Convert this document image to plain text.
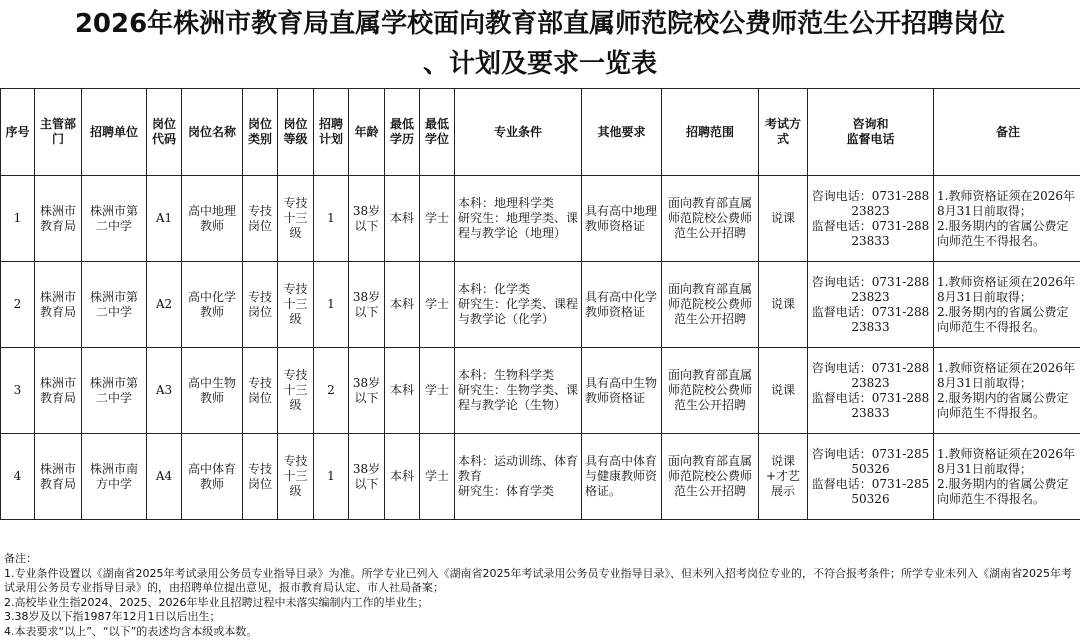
2026年株洲市教育局直属学校面向教育部直属师范院校公费师范生公开招聘岗位
、计划及要求一览表
序号	主管部门	招聘单位	岗位代码	岗位名称	岗位类别	岗位等级	招聘计划	年龄	最低学历	最低学位	专业条件	其他要求	招聘范围	考试方式	咨询和
监督电话	备注
1	株洲市教育局	株洲市第二中学	A1	高中地理教师	专技岗位	专技十三级	1	38岁以下	本科	学士	本科：地理科学类
研究生：地理学类、课程与教学论（地理）	具有高中地理教师资格证	面向教育部直属师范院校公费师范生公开招聘	说课	咨询电话：0731-28823823
监督电话：0731-28823833	1.教师资格证须在2026年8月31日前取得；
2.服务期内的省属公费定向师范生不得报名。
2	株洲市教育局	株洲市第二中学	A2	高中化学教师	专技岗位	专技十三级	1	38岁以下	本科	学士	本科：化学类
研究生：化学类、课程与教学论（化学）	具有高中化学教师资格证	面向教育部直属师范院校公费师范生公开招聘	说课	咨询电话：0731-28823823
监督电话：0731-28823833	1.教师资格证须在2026年8月31日前取得；
2.服务期内的省属公费定向师范生不得报名。
3	株洲市教育局	株洲市第二中学	A3	高中生物教师	专技岗位	专技十三级	2	38岁以下	本科	学士	本科：生物科学类
研究生：生物学类、课程与教学论（生物）	具有高中生物教师资格证	面向教育部直属师范院校公费师范生公开招聘	说课	咨询电话：0731-28823823
监督电话：0731-28823833	1.教师资格证须在2026年8月31日前取得；
2.服务期内的省属公费定向师范生不得报名。
4	株洲市教育局	株洲市南方中学	A4	高中体育教师	专技岗位	专技十三级	1	38岁以下	本科	学士	本科：运动训练、体育教育
研究生：体育学类	具有高中体育与健康教师资格证。	面向教育部直属师范院校公费师范生公开招聘	说课+才艺展示	咨询电话：0731-28550326
监督电话：0731-28550326	1.教师资格证须在2026年8月31日前取得；
2.服务期内的省属公费定向师范生不得报名。
备注：
1.专业条件设置以《湖南省2025年考试录用公务员专业指导目录》为准。所学专业已列入《湖南省2025年考试录用公务员专业指导目录》、但未列入招考岗位专业的，不符合报考条件；所学专业未列入《湖南省2025年考试录用公务员专业指导目录》的，由招聘单位提出意见，报市教育局认定、市人社局备案；
2.高校毕业生指2024、2025、2026年毕业且招聘过程中未落实编制内工作的毕业生；
3.38岁及以下指1987年12月1日以后出生；
4.本表要求“以上”、“以下”的表述均含本级或本数。
